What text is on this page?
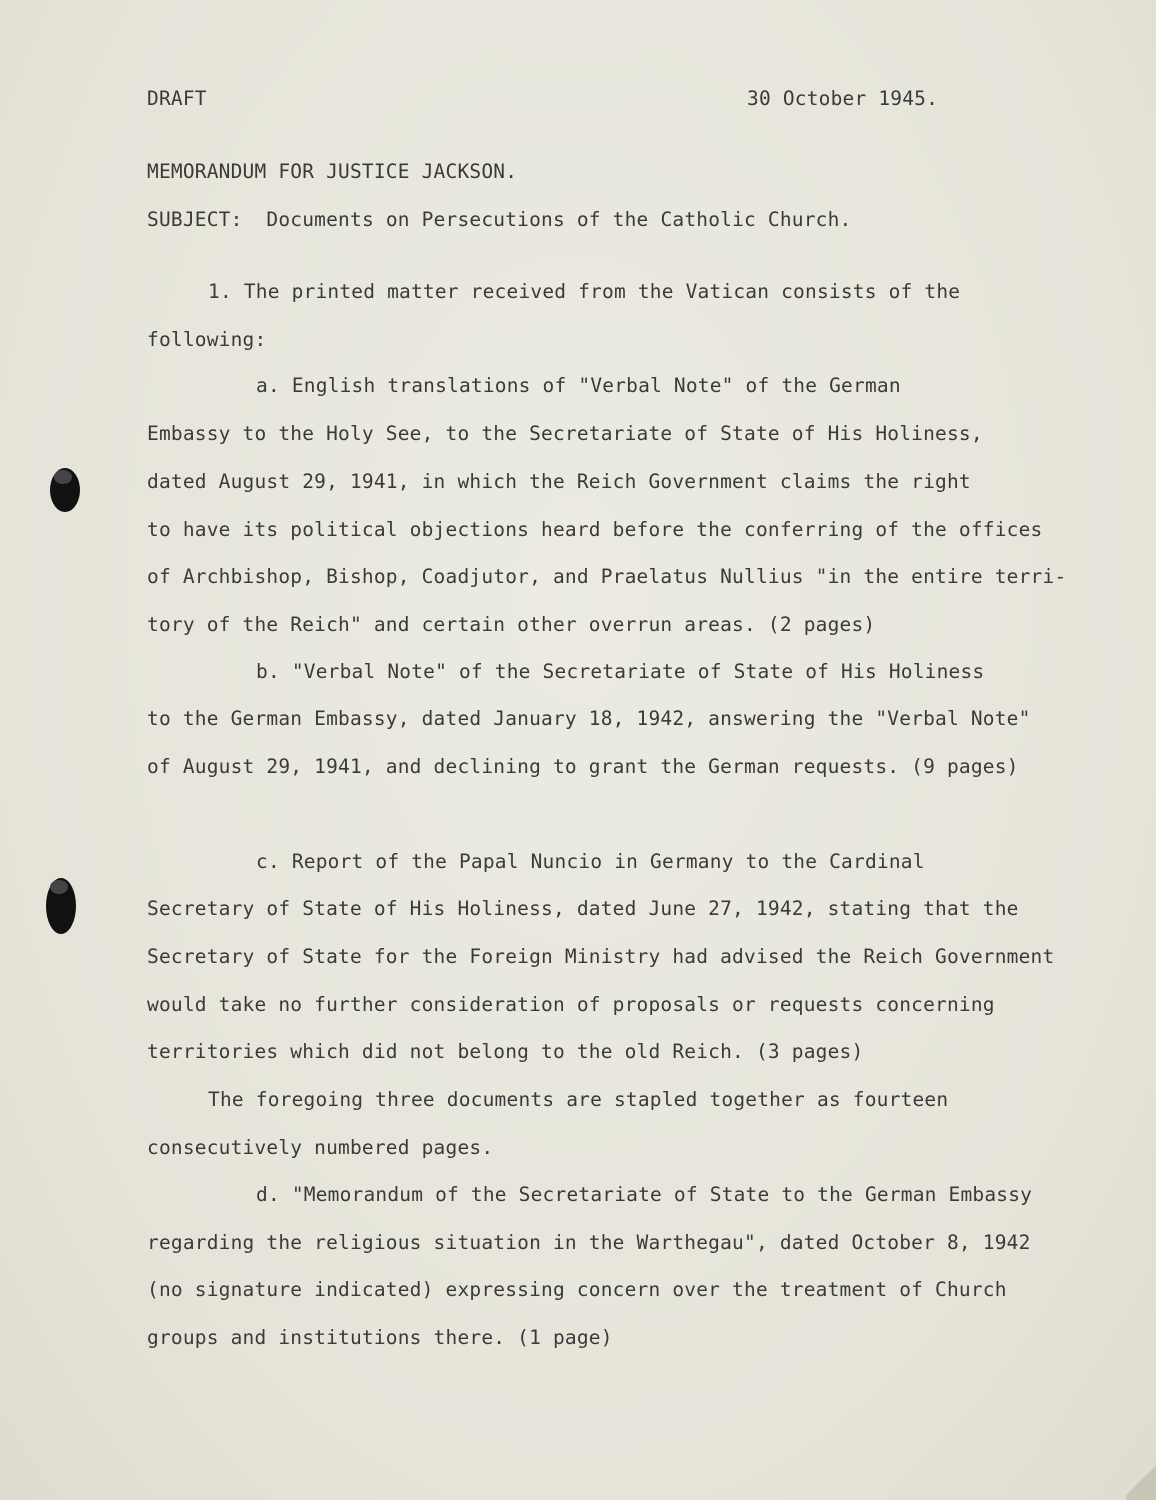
DRAFT	30 October 1945.
MEMORANDUM FOR JUSTICE JACKSON.
SUBJECT: Documents on Persecutions of the Catholic Church.
1. The printed matter received from the Vatican consists of the
following:
a. English translations of "Verbal Note" of the German
Embassy to the Holy See, to the Secretariate of State of His Holiness,
dated August 29, 1941, in which the Reich Government claims the right
to have its political objections heard before the conferring of the offices
of Archbishop, Bishop, Coadjutor, and Praelatus Nullius "in the entire terri-
tory of the Reich" and certain other overrun areas. (2 pages)
b. "Verbal Note" of the Secretariate of State of His Holiness
to the German Embassy, dated January 18, 1942, answering the "Verbal Note"
of August 29, 1941, and declining to grant the German requests. (9 pages)
c. Report of the Papal Nuncio in Germany to the Cardinal
Secretary of State of His Holiness, dated June 27, 1942, stating that the
Secretary of State for the Foreign Ministry had advised the Reich Government
would take no further consideration of proposals or requests concerning
territories which did not belong to the old Reich. (3 pages)
The foregoing three documents are stapled together as fourteen
consecutively numbered pages.
d. "Memorandum of the Secretariate of State to the German Embassy
regarding the religious situation in the Warthegau", dated October 8, 1942
(no signature indicated) expressing concern over the treatment of Church
groups and institutions there. (1 page)
